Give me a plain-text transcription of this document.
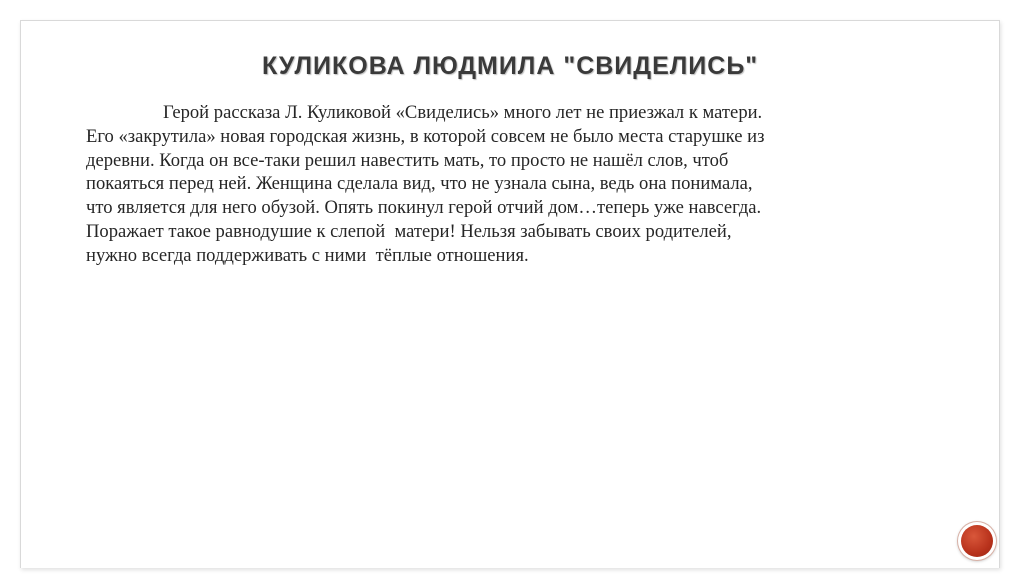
КУЛИКОВА ЛЮДМИЛА "СВИДЕЛИСЬ"
Герой рассказа Л. Куликовой «Свиделись» много лет не приезжал к матери.
Его «закрутила» новая городская жизнь, в которой совсем не было места старушке из
деревни. Когда он все-таки решил навестить мать, то просто не нашёл слов, чтоб
покаяться перед ней. Женщина сделала вид, что не узнала сына, ведь она понимала,
что является для него обузой. Опять покинул герой отчий дом…теперь уже навсегда.
Поражает такое равнодушие к слепой  матери! Нельзя забывать своих родителей,
нужно всегда поддерживать с ними  тёплые отношения.
